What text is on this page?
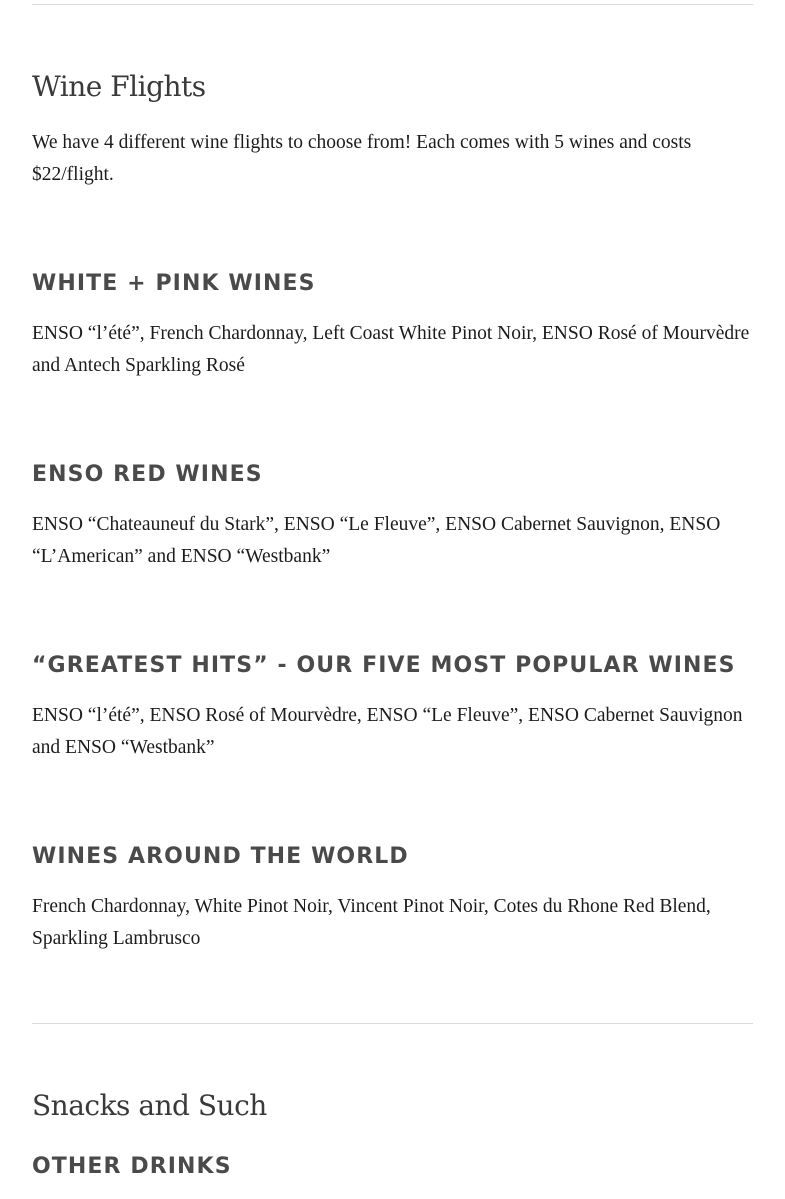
Wine Flights

We have 4 different wine flights to choose from! Each comes with 5 wines and costs $22/flight.

WHITE + PINK WINES

ENSO “l’été”, French Chardonnay, Left Coast White Pinot Noir, ENSO Rosé of Mourvèdre and Antech Sparkling Rosé

ENSO RED WINES

ENSO “Chateauneuf du Stark”, ENSO “Le Fleuve”, ENSO Cabernet Sauvignon, ENSO “L’American” and ENSO “Westbank”

“GREATEST HITS” - OUR FIVE MOST POPULAR WINES

ENSO “l’été”, ENSO Rosé of Mourvèdre, ENSO “Le Fleuve”, ENSO Cabernet Sauvignon and ENSO “Westbank”

WINES AROUND THE WORLD

French Chardonnay, White Pinot Noir, Vincent Pinot Noir, Cotes du Rhone Red Blend, Sparkling Lambrusco

Snacks and Such
OTHER DRINKS
